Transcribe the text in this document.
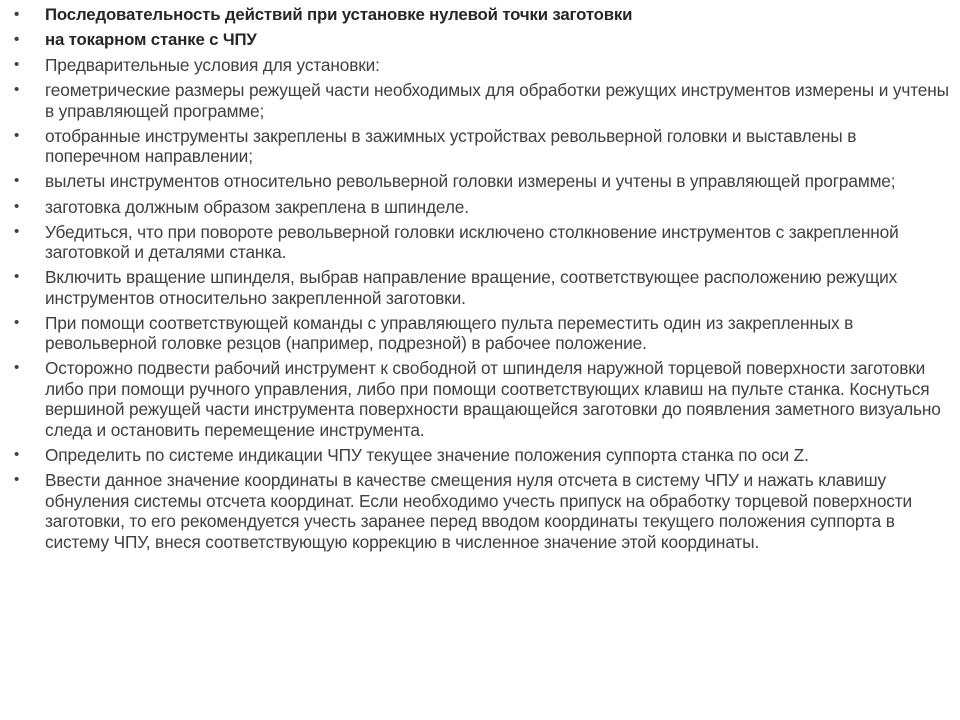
• Последовательность действий при установке нулевой точки заготовки
• на токарном станке с ЧПУ
• Предварительные условия для установки:
• геометрические размеры режущей части необходимых для обработки режущих инструментов измерены и учтены в управляющей программе;
• отобранные инструменты закреплены в зажимных устройствах револьверной головки и выставлены в поперечном направлении;
• вылеты инструментов относительно револьверной головки измерены и учтены в управляющей программе;
• заготовка должным образом закреплена в шпинделе.
• Убедиться, что при повороте револьверной головки исключено столкновение инструментов с закрепленной заготовкой и деталями станка.
• Включить вращение шпинделя, выбрав направление вращение, соответствующее расположению режущих инструментов относительно закрепленной заготовки.
• При помощи соответствующей команды с управляющего пульта переместить один из закрепленных в револьверной головке резцов (например, подрезной) в рабочее положение.
• Осторожно подвести рабочий инструмент к свободной от шпинделя наружной торцевой поверхности заготовки либо при помощи ручного управления, либо при помощи соответствующих клавиш на пульте станка. Коснуться вершиной режущей части инструмента поверхности вращающейся заготовки до появления заметного визуально следа и остановить перемещение инструмента.
• Определить по системе индикации ЧПУ текущее значение положения суппорта станка по оси Z.
• Ввести данное значение координаты в качестве смещения нуля отсчета в систему ЧПУ и нажать клавишу обнуления системы отсчета координат. Если необходимо учесть припуск на обработку торцевой поверхности заготовки, то его рекомендуется учесть заранее перед вводом координаты текущего положения суппорта в систему ЧПУ, внеся соответствующую коррекцию в численное значение этой координаты.
